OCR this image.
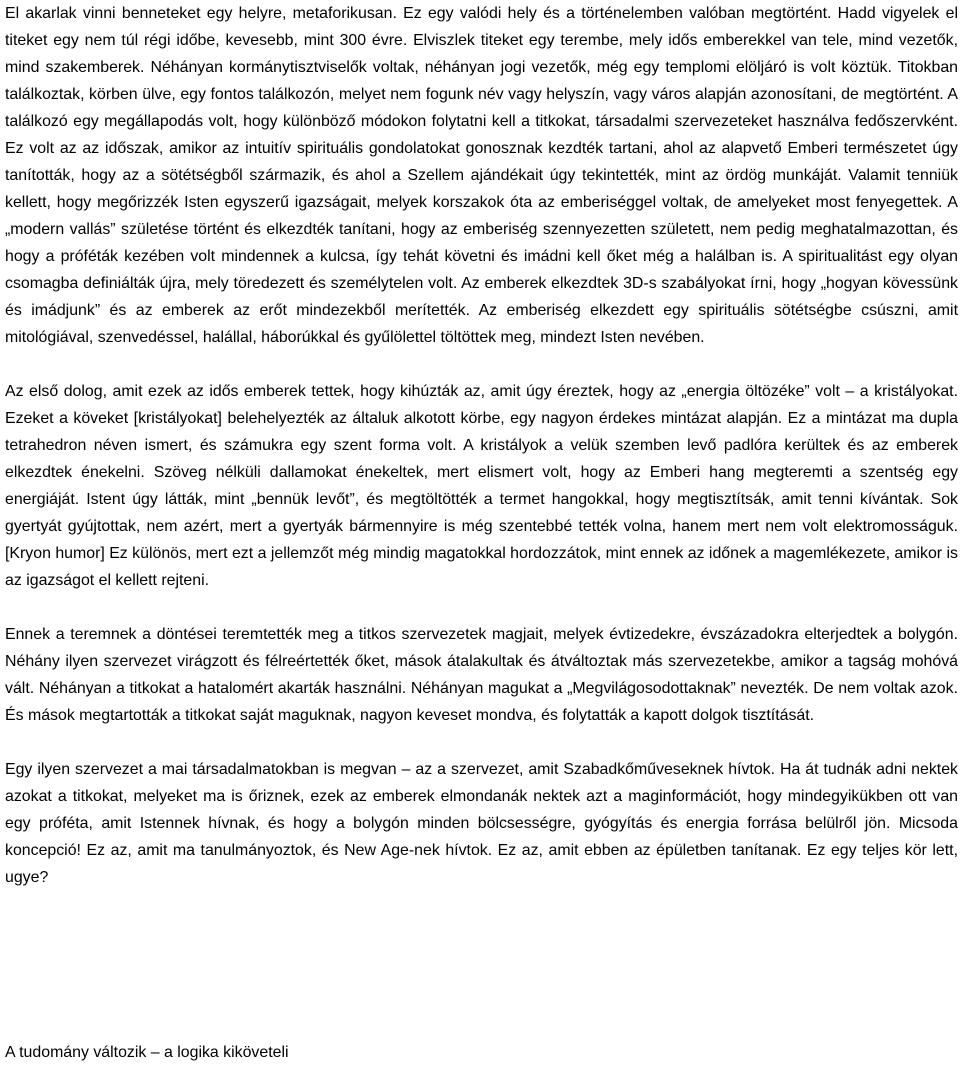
El akarlak vinni benneteket egy helyre, metaforikusan. Ez egy valódi hely és a történelemben valóban megtörtént. Hadd vigyelek el titeket egy nem túl régi időbe, kevesebb, mint 300 évre. Elviszlek titeket egy terembe, mely idős emberekkel van tele, mind vezetők, mind szakemberek. Néhányan kormánytisztviselők voltak, néhányan jogi vezetők, még egy templomi elöljáró is volt köztük. Titokban találkoztak, körben ülve, egy fontos találkozón, melyet nem fogunk név vagy helyszín, vagy város alapján azonosítani, de megtörtént. A találkozó egy megállapodás volt, hogy különböző módokon folytatni kell a titkokat, társadalmi szervezeteket használva fedőszervként. Ez volt az az időszak, amikor az intuitív spirituális gondolatokat gonosznak kezdték tartani, ahol az alapvető Emberi természetet úgy tanították, hogy az a sötétségből származik, és ahol a Szellem ajándékait úgy tekintették, mint az ördög munkáját. Valamit tenniük kellett, hogy megőrizzék Isten egyszerű igazságait, melyek korszakok óta az emberiséggel voltak, de amelyeket most fenyegettek. A „modern vallás” születése történt és elkezdték tanítani, hogy az emberiség szennyezetten született, nem pedig meghatalmazottan, és hogy a próféták kezében volt mindennek a kulcsa, így tehát követni és imádni kell őket még a halálban is. A spiritualitást egy olyan csomagba definiálták újra, mely töredezett és személytelen volt. Az emberek elkezdtek 3D-s szabályokat írni, hogy „hogyan kövessünk és imádjunk” és az emberek az erőt mindezekből merítették. Az emberiség elkezdett egy spirituális sötétségbe csúszni, amit mitológiával, szenvedéssel, halállal, háborúkkal és gyűlölettel töltöttek meg, mindezt Isten nevében.

Az első dolog, amit ezek az idős emberek tettek, hogy kihúzták az, amit úgy éreztek, hogy az „energia öltözéke” volt – a kristályokat. Ezeket a köveket [kristályokat] belehelyezték az általuk alkotott körbe, egy nagyon érdekes mintázat alapján. Ez a mintázat ma dupla tetrahedron néven ismert, és számukra egy szent forma volt. A kristályok a velük szemben levő padlóra kerültek és az emberek elkezdtek énekelni. Szöveg nélküli dallamokat énekeltek, mert elismert volt, hogy az Emberi hang megteremti a szentség egy energiáját. Istent úgy látták, mint „bennük levőt”, és megtöltötték a termet hangokkal, hogy megtisztítsák, amit tenni kívántak. Sok gyertyát gyújtottak, nem azért, mert a gyertyák bármennyire is még szentebbé tették volna, hanem mert nem volt elektromosságuk. [Kryon humor] Ez különös, mert ezt a jellemzőt még mindig magatokkal hordozzátok, mint ennek az időnek a magemlékezete, amikor is az igazságot el kellett rejteni.

Ennek a teremnek a döntései teremtették meg a titkos szervezetek magjait, melyek évtizedekre, évszázadokra elterjedtek a bolygón. Néhány ilyen szervezet virágzott és félreértették őket, mások átalakultak és átváltoztak más szervezetekbe, amikor a tagság mohóvá vált. Néhányan a titkokat a hatalomért akarták használni. Néhányan magukat a „Megvilágosodottaknak” nevezték. De nem voltak azok. És mások megtartották a titkokat saját maguknak, nagyon keveset mondva, és folytatták a kapott dolgok tisztítását.

Egy ilyen szervezet a mai társadalmatokban is megvan – az a szervezet, amit Szabadkőműveseknek hívtok. Ha át tudnák adni nektek azokat a titkokat, melyeket ma is őriznek, ezek az emberek elmondanák nektek azt a maginformációt, hogy mindegyikükben ott van egy próféta, amit Istennek hívnak, és hogy a bolygón minden bölcsességre, gyógyítás és energia forrása belülről jön. Micsoda koncepció! Ez az, amit ma tanulmányoztok, és New Age-nek hívtok. Ez az, amit ebben az épületben tanítanak. Ez egy teljes kör lett, ugye?

A tudomány változik – a logika kiköveteli
